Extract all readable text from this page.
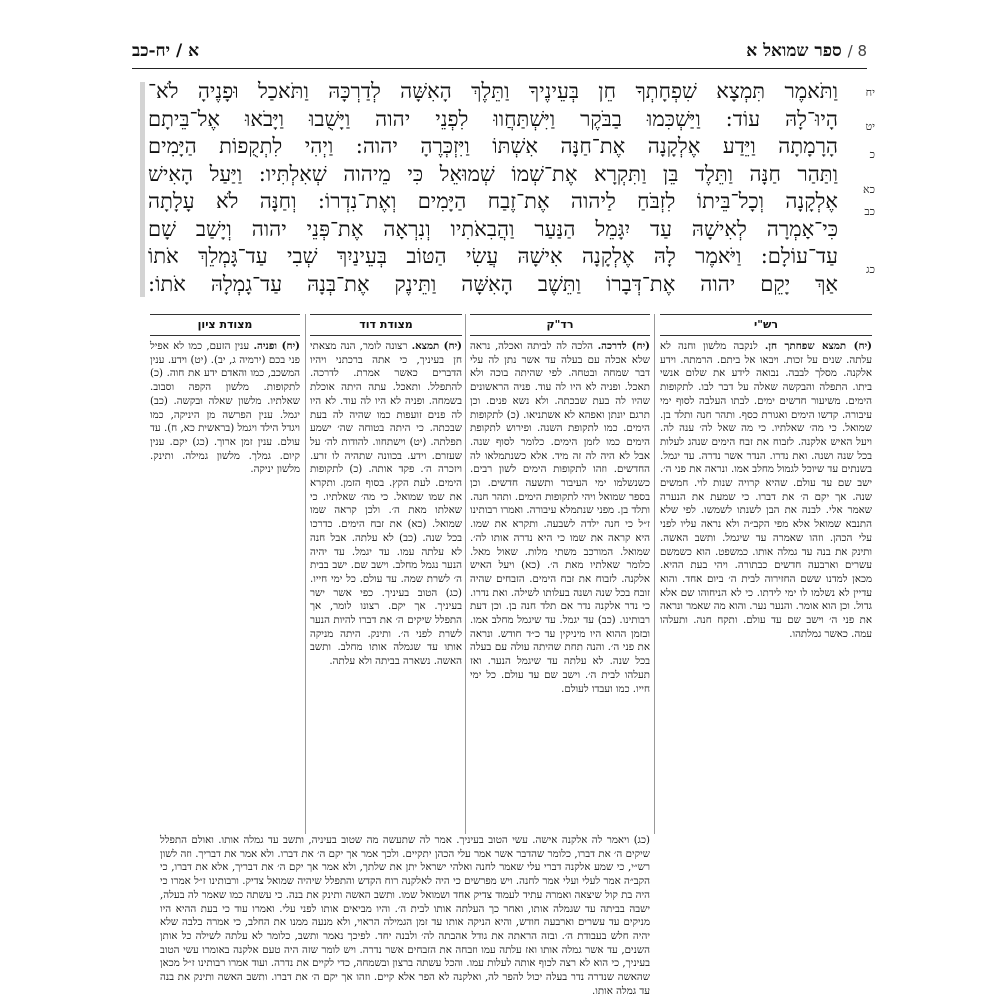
8 /
ספר שמואל א
א / יח-כב
יח
יט
כ
כא
כב
כג
וַתֹּאמֶר תִּמְצָא שִׁפְחָתְךָ חֵן בְּעֵינֶיךָ וַתֵּלֶךְ הָאִשָּׁה לְדַרְכָּהּ וַתֹּאכַל וּפָנֶיהָ לֹא־
הָיוּ־לָהּ עוֹד: וַיַּשְׁכִּמוּ בַבֹּקֶר וַיִּשְׁתַּחֲווּ לִפְנֵי יהוה וַיָּשֻׁבוּ וַיָּבֹאוּ אֶל־בֵּיתָם
הָרָמָתָה וַיֵּדַע אֶלְקָנָה אֶת־חַנָּה אִשְׁתּוֹ וַיִּזְכְּרֶהָ יהוה: וַיְהִי לִתְקֻפוֹת הַיָּמִים
וַתַּהַר חַנָּה וַתֵּלֶד בֵּן וַתִּקְרָא אֶת־שְׁמוֹ שְׁמוּאֵל כִּי מֵיהוה שְׁאִלְתִּיו: וַיַּעַל הָאִישׁ
אֶלְקָנָה וְכָל־בֵּיתוֹ לִזְבֹּחַ לַיהוה אֶת־זֶבַח הַיָּמִים וְאֶת־נִדְרוֹ: וְחַנָּה לֹא עָלָתָה
כִּי־אָמְרָה לְאִישָׁהּ עַד יִגָּמֵל הַנַּעַר וַהֲבִאֹתִיו וְנִרְאָה אֶת־פְּנֵי יהוה וְיָשַׁב שָׁם
עַד־עוֹלָם: וַיֹּאמֶר לָהּ אֶלְקָנָה אִישָׁהּ עֲשִׂי הַטּוֹב בְּעֵינַיִךְ שְׁבִי עַד־גָּמְלֵךְ אֹתוֹ
אַךְ יָקֵם יהוה אֶת־דְּבָרוֹ וַתֵּשֶׁב הָאִשָּׁה וַתֵּינֶק אֶת־בְּנָהּ עַד־גָמְלָהּ אֹתוֹ:
רש"י
(יח) תמצא שפחתך חן. לנקבה מלשון וחנה לא עלתה. שנים על זכות. ויבאו אל ביתם. הרמתה. וידע אלקנה. מסלך לבבה. נבואה לידע את שלום אנשי ביתו. התפלה והבקשה שאלה על דבר לבו. לתקופות הימים. משיעור חדשים ימים. לבתו העלבה לסוף ימי עיבורה. קדשו הימים ואגורת כסף. ותהר חנה ותלד בן. שמואל. כי מה׳ שאלתיו. כי מה שאל לה׳ ענה לה. ויעל האיש אלקנה. לזבוח את זבח הימים שנהג לעלות בכל שנה ושנה. ואת נדרו. הנדר אשר נדרה. עד יגמל. בשנתים עד שיוכל לגמול מחלב אמו. ונראה את פני ה׳. ישב שם עד עולם. שהיא קרויה שנות לוי. חמשים שנה. אך יקם ה׳ את דברו. כי שמעת את הנערה שאמר אלי. לבנה את הבן לשנתו לשמשו. לפי שלא התנבא שמואל אלא מפי הקב״ה ולא נראה עליו לפני עלי הכהן. וזהו שאמרה עד שיגמל. ותשב האשה. ותינק את בנה עד גמלה אותו. כמשפט. הוא כשמשם עשרים וארבעה חדשים כבתורה. ויהי בעת ההיא. מכאן למדנו ששם החזירוה לבית ה׳ ביום אחד. והוא עדיין לא נשלמו לו ימי לידתו. כי לא הניחוהו שם אלא גדול. וכן הוא אומר. והנער נער. והוא מה שאמר ונראה את פני ה׳ וישב שם עד עולם. ותקח חנה. ותעלהו עמה. כאשר גמלתהו.
רד"ק
(יח) לדרכה. הלכה לה לביתה ואכלה, נראה שלא אכלה עם בעלה עד אשר נתן לה עלי דבר שמחה ובטחה. לפי שהיתה בוכה ולא תאכל. ופניה לא היו לה עוד. פניה הראשונים שהיו לה בעת שבכתה. ולא נשא פנים. וכן תרגם יונתן ואפהא לא אשתניאו. (כ) לתקופות הימים. כמו לתקופת השנה. ופירוש לתקופת הימים כמו לזמן הימים. כלומר לסוף שנה. אבל לא היה לה זה מיד. אלא כשנתמלאו לה החדשים. וזהו לתקופות הימים לשון רבים. כשנשלמו ימי העיבור ותשעה חדשים. וכן בספר שמואל ויהי לתקופות הימים. ותהר חנה. ותלד בן. מפני שנתמלא עיבורה. ואמרו רבותינו ז״ל כי חנה ילדה לשבעה. ותקרא את שמו. היא קראה את שמו כי היא נדרה אותו לה׳. שמואל. המורכב משתי מלות. שאול מאל. כלומר שאלתיו מאת ה׳. (כא) ויעל האיש אלקנה. לזבוח את זבח הימים. הזבחים שהיה זובח בכל שנה ושנה בעלותו לשילה. ואת נדרו. כי נדר אלקנה נדר אם תלד חנה בן. וכן דעת רבותינו. (כב) עד יגמל. עד שיגמל מחלב אמו. ובזמן ההוא היו מיניקין עד כ״ד חודש. ונראה את פני ה׳. והנה תחת שהיתה עולה עם בעלה בכל שנה. לא עלתה עד שיגמל הנער. ואז תעלהו לבית ה׳. וישב שם עד עולם. כל ימי חייו. כמו ועבדו לעולם.
מצודת דוד
(יח) תמצא. רצונה לומר, הנה מצאתי חן בעיניך, כי אתה ברכתני ויהיו הדברים כאשר אמרת. לדרכה. להתפלל. ותאכל. עתה היתה אוכלת בשמחה. ופניה לא היו לה עוד. לא היו לה פנים זועפות כמו שהיה לה בעת שבכתה. כי היתה בטוחה שה׳ ישמע תפלתה. (יט) וישתחוו. להודות לה׳ על שעזרם. וידע. בכוונה שתהיה לו זרע. ויזכרה ה׳. פקד אותה. (כ) לתקופות הימים. לעת הקץ. בסוף הזמן. ותקרא את שמו שמואל. כי מה׳ שאלתיו. כי שאלתו מאת ה׳. ולכן קראה שמו שמואל. (כא) את זבח הימים. כדרכו בכל שנה. (כב) לא עלתה. אבל חנה לא עלתה עמו. עד יגמל. עד יהיה הנער נגמל מחלב. וישב שם. ישב בבית ה׳ לשרת שמה. עד עולם. כל ימי חייו. (כג) הטוב בעיניך. כפי אשר ישר בעיניך. אך יקם. רצונו לומר, אך התפלל שיקים ה׳ את דברו להיות הנער לשרת לפני ה׳. ותינק. היתה מניקה אותו עד שגמלה אותו מחלב. ותשב האשה. נשארה בביתה ולא עלתה.
מצודת ציון
(יח) ופניה. ענין הזעם, כמו לא אפיל פני בכם (ירמיה ג, יב). (יט) וידע. ענין המשכב, כמו והאדם ידע את חוה. (כ) לתקופות. מלשון הקפה וסבוב. שאלתיו. מלשון שאלה ובקשה. (כב) יגמל. ענין הפרשה מן היניקה, כמו ויגדל הילד ויגמל (בראשית כא, ח). עד עולם. ענין זמן ארוך. (כג) יקם. ענין קיום. גמלך. מלשון גמילה. ותינק. מלשון יניקה.
(כג) ויאמר לה אלקנה אישה. עשי הטוב בעיניך. אמר לה שתעשה מה שטוב בעיניה, ותשב עד גמלה אותו. ואולם התפלל שיקים ה׳ את דברו, כלומר שהדבר אשר אמר עלי הכהן יתקיים. ולכך אמר אך יקם ה׳ את דברו. ולא אמר את דבריך. וזה לשון רש״י, כי שמע אלקנה דברי עלי שאמר לחנה ואלהי ישראל יתן את שלתך, ולא אמר אך יקם ה׳ את דבריך, אלא את דברו, כי הקב״ה אמר לעלי ועלי אמר לחנה. ויש מפרשים כי היה לאלקנה רוח הקדש והתפלל שיהיה שמואל צדיק. ורבותינו ז״ל אמרו כי היה בת קול שיצאה ואמרה עתיד לעמוד צדיק אחד ושמואל שמו. ותשב האשה ותינק את בנה. כי עשתה כמו שאמר לה בעלה, ישבה בביתה עד שגמלה אותו, ואחר כך העלתה אותו לבית ה׳. והיו מביאים אותו לפני עלי. ואמרו עוד כי בעת ההיא היו מניקים עד עשרים וארבעה חודש, והיא הניקה אותו עד זמן הגמילה הראוי, ולא מנעה ממנו את החלב, כי אמרה בלבה שלא יהיה חלש בעבודת ה׳. ובזה הראתה את גודל אהבתה לה׳ ולבנה יחד. לפיכך נאמר ותשב, כלומר לא עלתה לשילה כל אותן השנים, עד אשר גמלה אותו ואז עלתה עמו וזבחה את הזבחים אשר נדרה. ויש לומר שזה היה טעם אלקנה באומרו עשי הטוב בעיניך, כי הוא לא רצה לכוף אותה לעלות עמו. והכל עשתה ברצון ובשמחה, כדי לקיים את נדרה. ועוד אמרו רבותינו ז״ל מכאן שהאשה שנדרה נדר בעלה יכול להפר לה, ואלקנה לא הפר אלא קיים. וזהו אך יקם ה׳ את דברו. ותשב האשה ותינק את בנה עד גמלה אותו.
